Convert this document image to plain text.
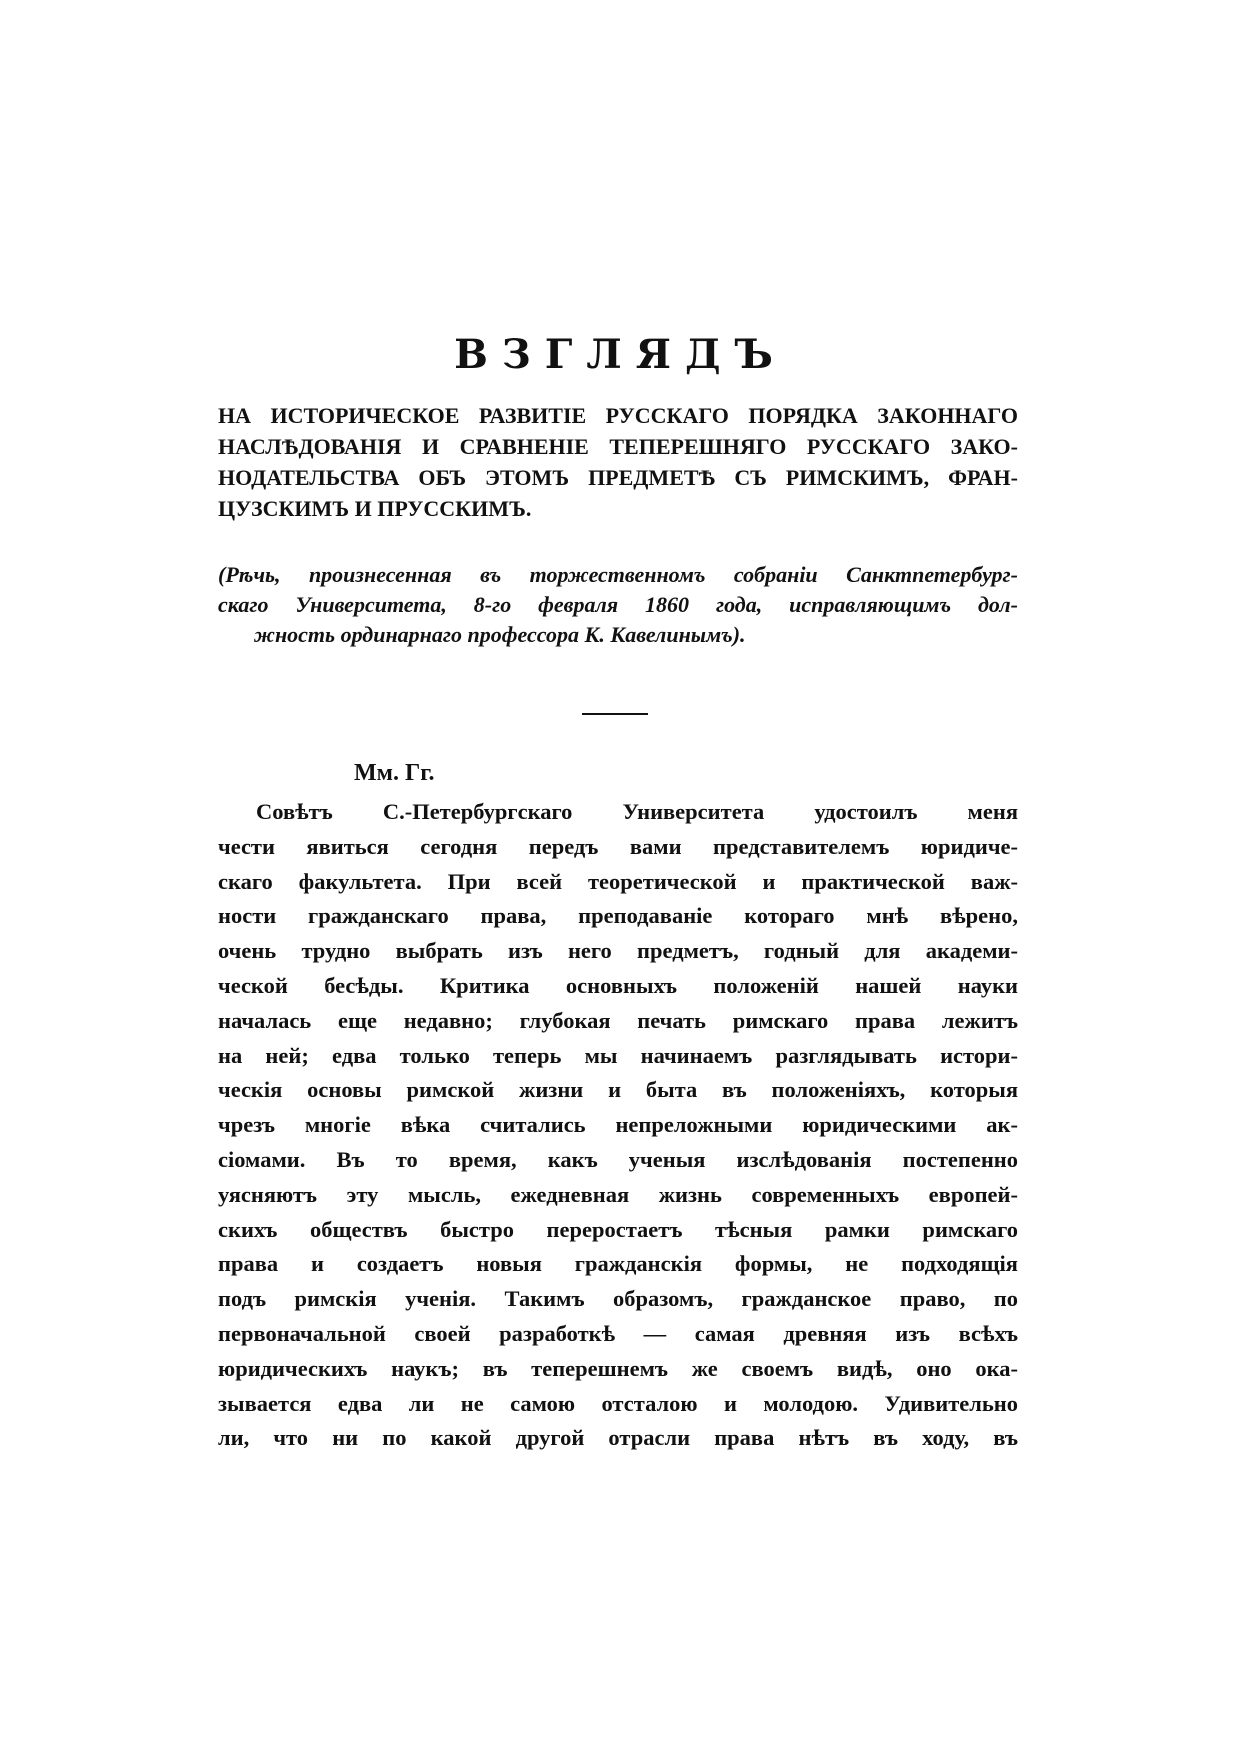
ВЗГЛЯДЪ
НА ИСТОРИЧЕСКОЕ РАЗВИТІЕ РУССКАГО ПОРЯДКА ЗАКОННАГО
НАСЛѢДОВАНІЯ И СРАВНЕНІЕ ТЕПЕРЕШНЯГО РУССКАГО ЗАКО-
НОДАТЕЛЬСТВА ОБЪ ЭТОМЪ ПРЕДМЕТѢ СЪ РИМСКИМЪ, ФРАН-
ЦУЗСКИМЪ И ПРУССКИМЪ.
(Рѣчь, произнесенная въ торжественномъ собраніи Санктпетербург-
скаго Университета, 8-го февраля 1860 года, исправляющимъ дол-
жность ординарнаго профессора К. Кавелинымъ).
Мм. Гг.
Совѣтъ С.-Петербургскаго Университета удостоилъ меня
чести явиться сегодня передъ вами представителемъ юридиче-
скаго факультета. При всей теоретической и практической важ-
ности гражданскаго права, преподаваніе котораго мнѣ вѣрено,
очень трудно выбрать изъ него предметъ, годный для академи-
ческой бесѣды. Критика основныхъ положеній нашей науки
началась еще недавно; глубокая печать римскаго права лежитъ
на ней; едва только теперь мы начинаемъ разглядывать истори-
ческія основы римской жизни и быта въ положеніяхъ, которыя
чрезъ многіе вѣка считались непреложными юридическими ак-
сіомами. Въ то время, какъ ученыя изслѣдованія постепенно
уясняютъ эту мысль, ежедневная жизнь современныхъ европей-
скихъ обществъ быстро переростаетъ тѣсныя рамки римскаго
права и создаетъ новыя гражданскія формы, не подходящія
подъ римскія ученія. Такимъ образомъ, гражданское право, по
первоначальной своей разработкѣ — самая древняя изъ всѣхъ
юридическихъ наукъ; въ теперешнемъ же своемъ видѣ, оно ока-
зывается едва ли не самою отсталою и молодою. Удивительно
ли, что ни по какой другой отрасли права нѣтъ въ ходу, въ
